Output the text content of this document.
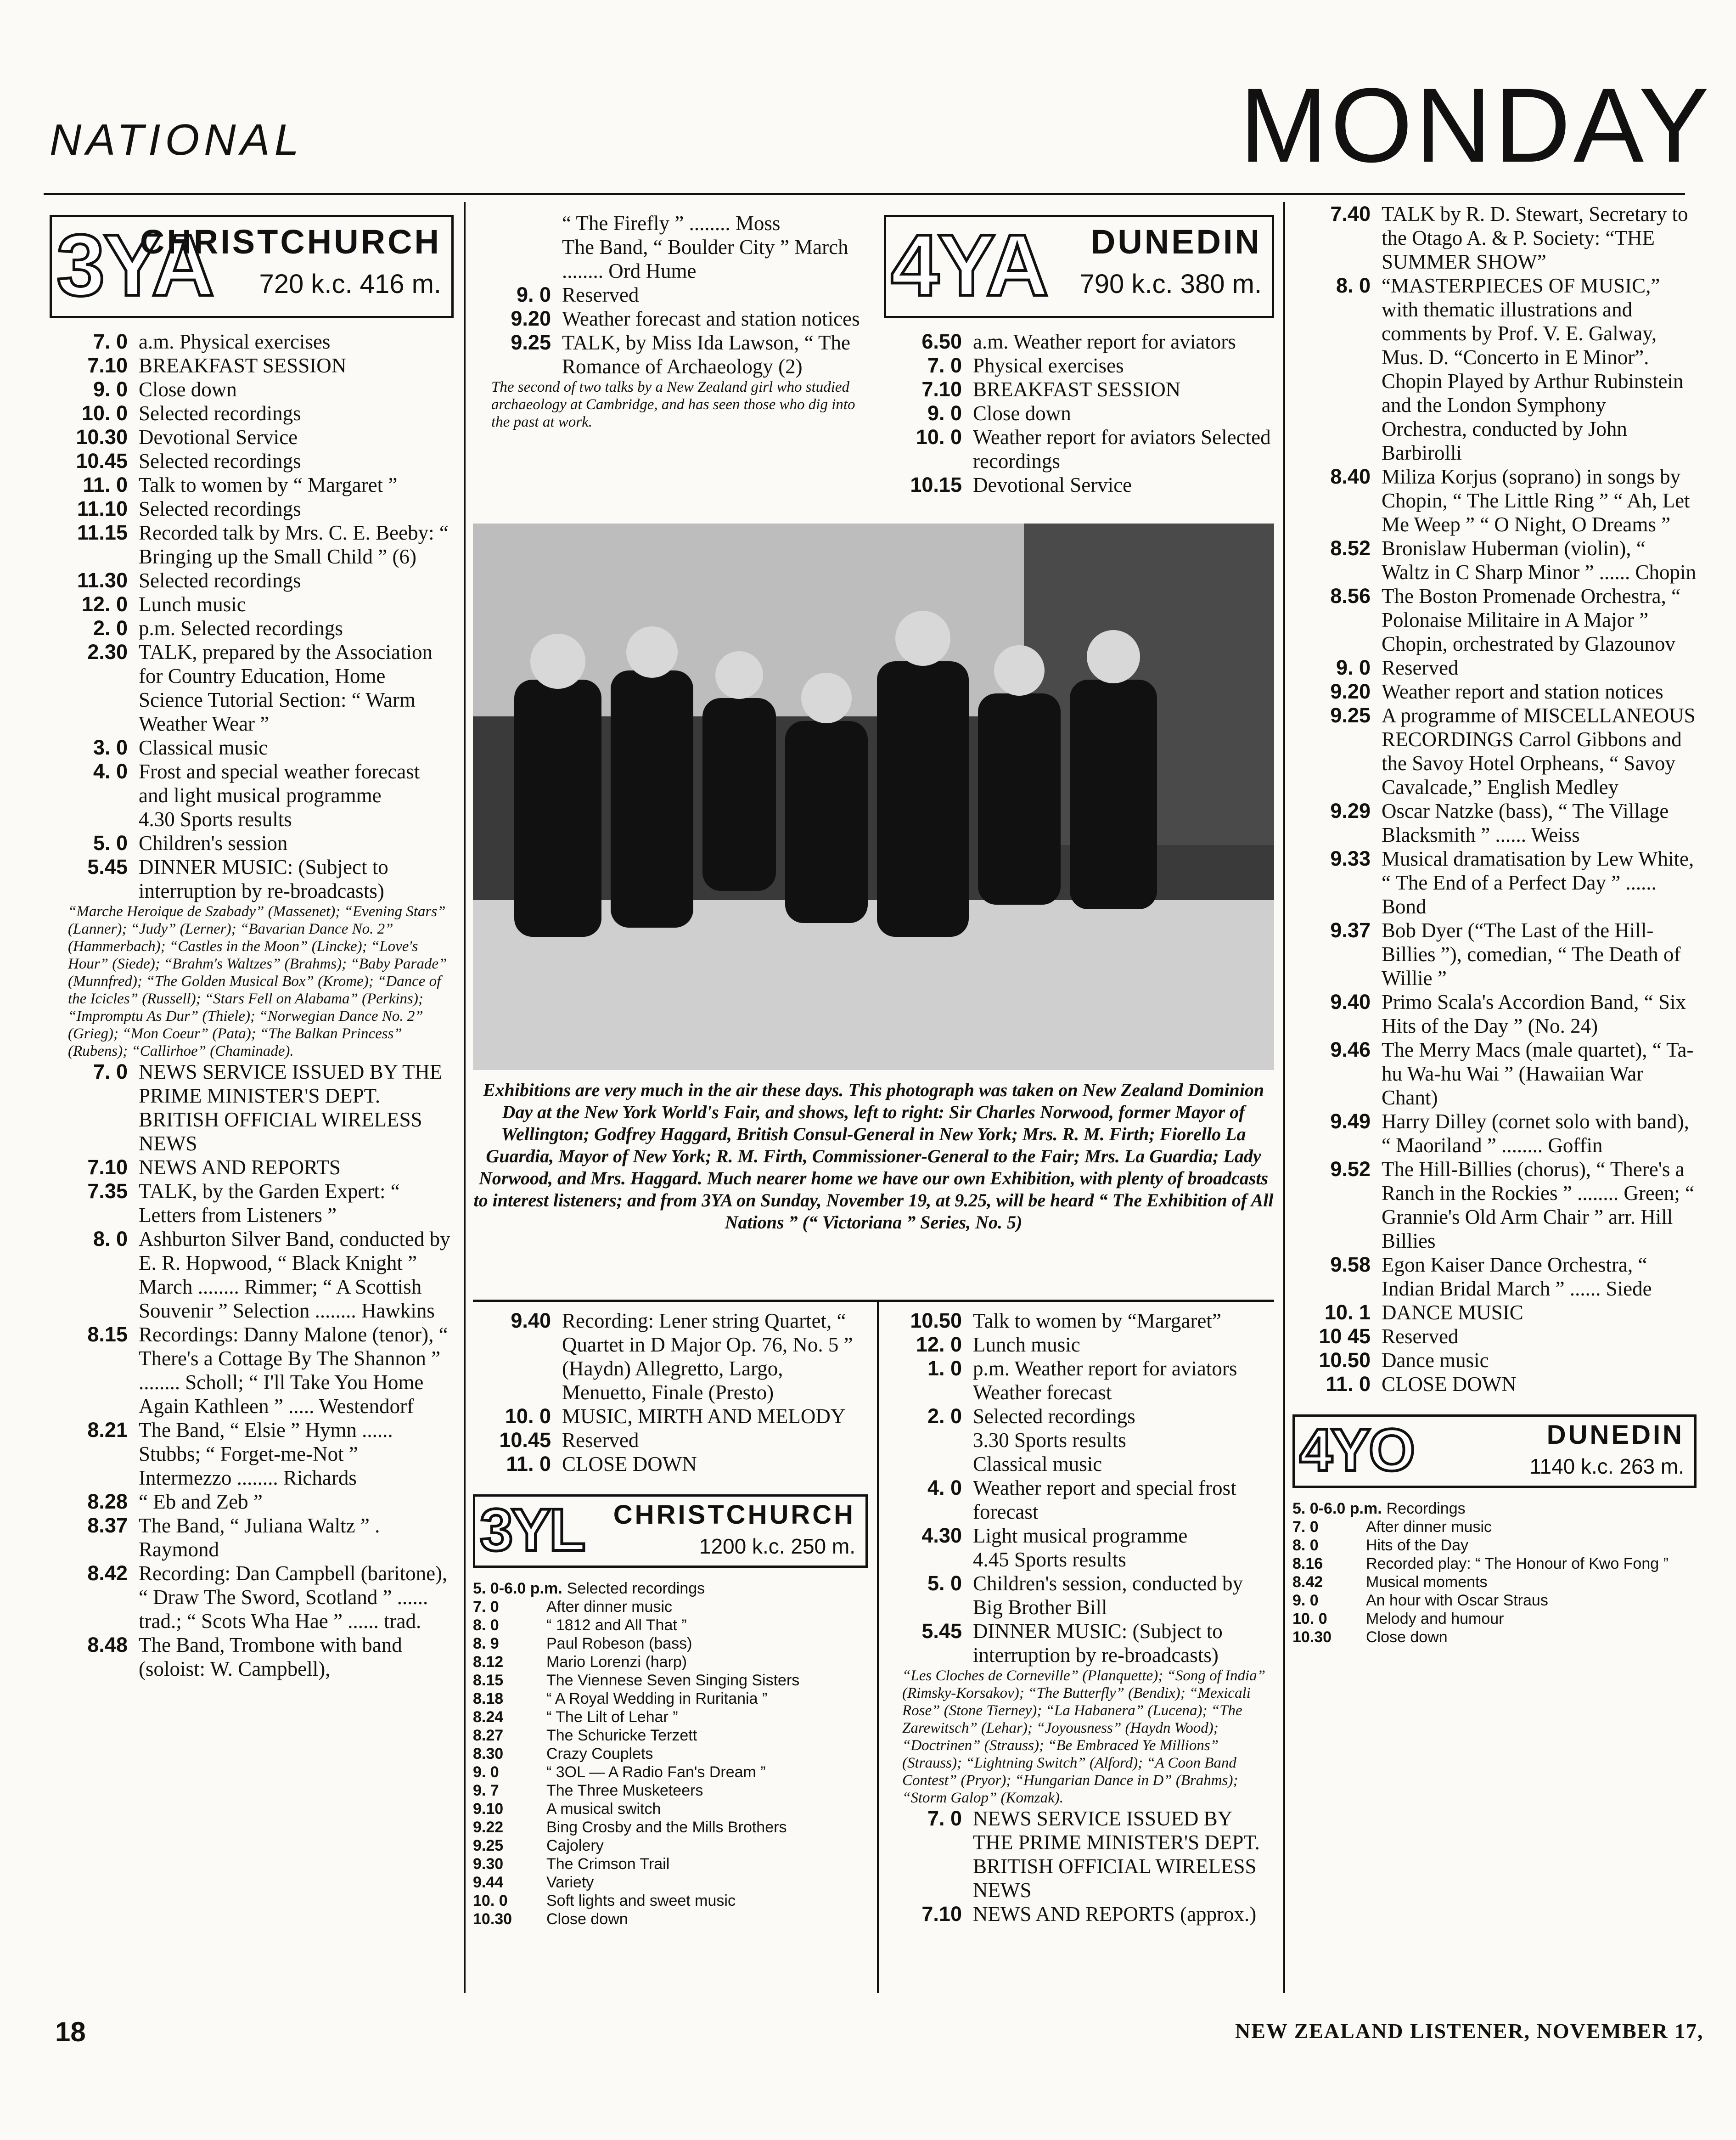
NATIONAL	MONDAY
3YA
CHRISTCHURCH
720 k.c. 416 m.
7. 0 a.m. Physical exercises
7.10 BREAKFAST SESSION
9. 0 Close down
10. 0 Selected recordings
10.30 Devotional Service
10.45 Selected recordings
11. 0 Talk to women by “ Margaret ”
11.10 Selected recordings
11.15 Recorded talk by Mrs. C. E. Beeby: “ Bringing up the Small Child ” (6)
11.30 Selected recordings
12. 0 Lunch music
2. 0 p.m. Selected recordings
2.30 TALK, prepared by the Association for Country Education, Home Science Tutorial Section: “ Warm Weather Wear ”
3. 0 Classical music
4. 0 Frost and special weather forecast and light musical programme
4.30 Sports results
5. 0 Children's session
5.45 DINNER MUSIC: (Subject to interruption by re-broadcasts)

“Marche Heroique de Szabady” (Massenet); “Evening Stars” (Lanner); “Judy” (Lerner); “Bavarian Dance No. 2” (Hammerbach); “Castles in the Moon” (Lincke); “Love's Hour” (Siede); “Brahm's Waltzes” (Brahms); “Baby Parade” (Munnfred); “The Golden Musical Box” (Krome); “Dance of the Icicles” (Russell); “Stars Fell on Alabama” (Perkins); “Impromptu As Dur” (Thiele); “Norwegian Dance No. 2” (Grieg); “Mon Coeur” (Pata); “The Balkan Princess” (Rubens); “Callirhoe” (Chaminade).

7. 0 NEWS SERVICE ISSUED BY THE PRIME MINISTER'S DEPT. BRITISH OFFICIAL WIRELESS NEWS
7.10 NEWS AND REPORTS
7.35 TALK, by the Garden Expert: “ Letters from Listeners ”
8. 0 Ashburton Silver Band, conducted by E. R. Hopwood, “ Black Knight ” March ........ Rimmer; “ A Scottish Souvenir ” Selection ........ Hawkins
8.15 Recordings: Danny Malone (tenor), “ There's a Cottage By The Shannon ” ........ Scholl; “ I'll Take You Home Again Kathleen ” ..... Westendorf
8.21 The Band, “ Elsie ” Hymn ...... Stubbs; “ Forget-me-Not ” Intermezzo ........ Richards
8.28 “ Eb and Zeb ”
8.37 The Band, “ Juliana Waltz ” . Raymond
8.42 Recording: Dan Campbell (baritone), “ Draw The Sword, Scotland ” ...... trad.; “ Scots Wha Hae ” ...... trad.
8.48 The Band, Trombone with band (soloist: W. Campbell),
“ The Firefly ” ........ Moss
The Band, “ Boulder City ” March ........ Ord Hume
9. 0 Reserved
9.20 Weather forecast and station notices
9.25 TALK, by Miss Ida Lawson, “ The Romance of Archaeology (2)

The second of two talks by a New Zealand girl who studied archaeology at Cambridge, and has seen those who dig into the past at work.

4YA DUNEDIN
790 k.c. 380 m.
6.50 a.m. Weather report for aviators
7. 0 Physical exercises
7.10 BREAKFAST SESSION
9. 0 Close down
10. 0 Weather report for aviators Selected recordings
10.15 Devotional Service
Exhibitions are very much in the air these days. This photograph was taken on New Zealand Dominion Day at the New York World's Fair, and shows, left to right: Sir Charles Norwood, former Mayor of Wellington; Godfrey Haggard, British Consul-General in New York; Mrs. R. M. Firth; Fiorello La Guardia, Mayor of New York; R. M. Firth, Commissioner-General to the Fair; Mrs. La Guardia; Lady Norwood, and Mrs. Haggard. Much nearer home we have our own Exhibition, with plenty of broadcasts to interest listeners; and from 3YA on Sunday, November 19, at 9.25, will be heard “ The Exhibition of All Nations ” (“ Victoriana ” Series, No. 5)
9.40 Recording: Lener string Quartet, “ Quartet in D Major Op. 76, No. 5 ” (Haydn) Allegretto, Largo, Menuetto, Finale (Presto)
10. 0 MUSIC, MIRTH AND MELODY
10.45 Reserved
11. 0 CLOSE DOWN
3YL CHRISTCHURCH
1200 k.c. 250 m.
5. 0-6.0 p.m. Selected recordings
7. 0	After dinner music
8. 0	“ 1812 and All That ”
8. 9	Paul Robeson (bass)
8.12	Mario Lorenzi (harp)
8.15	The Viennese Seven Singing Sisters
8.18	“ A Royal Wedding in Ruritania ”
8.24	“ The Lilt of Lehar ”
8.27	The Schuricke Terzett
8.30	Crazy Couplets
9. 0	“ 3OL — A Radio Fan's Dream ”
9. 7	The Three Musketeers
9.10	A musical switch
9.22	Bing Crosby and the Mills Brothers
9.25	Cajolery
9.30	The Crimson Trail
9.44	Variety
10. 0	Soft lights and sweet music
10.30	Close down
10.50 Talk to women by “Margaret”
12. 0 Lunch music
1. 0 p.m. Weather report for aviators Weather forecast
2. 0 Selected recordings
3.30 Sports results
Classical music
4. 0 Weather report and special frost forecast
4.30 Light musical programme
4.45 Sports results
5. 0 Children's session, conducted by Big Brother Bill
5.45 DINNER MUSIC: (Subject to interruption by re-broadcasts)

“Les Cloches de Corneville” (Planquette); “Song of India” (Rimsky-Korsakov); “The Butterfly” (Bendix); “Mexicali Rose” (Stone Tierney); “La Habanera” (Lucena); “The Zarewitsch” (Lehar); “Joyousness” (Haydn Wood); “Doctrinen” (Strauss); “Be Embraced Ye Millions” (Strauss); “Lightning Switch” (Alford); “A Coon Band Contest” (Pryor); “Hungarian Dance in D” (Brahms); “Storm Galop” (Komzak).

7. 0 NEWS SERVICE ISSUED BY THE PRIME MINISTER'S DEPT. BRITISH OFFICIAL WIRELESS NEWS
7.10 NEWS AND REPORTS (approx.)
7.40 TALK by R. D. Stewart, Secretary to the Otago A. & P. Society: “THE SUMMER SHOW”
8. 0 “MASTERPIECES OF MUSIC,” with thematic illustrations and comments by Prof. V. E. Galway, Mus. D. “Concerto in E Minor”. Chopin Played by Arthur Rubinstein and the London Symphony Orchestra, conducted by John Barbirolli
8.40 Miliza Korjus (soprano) in songs by Chopin, “ The Little Ring ” “ Ah, Let Me Weep ” “ O Night, O Dreams ”
8.52 Bronislaw Huberman (violin), “ Waltz in C Sharp Minor ” ...... Chopin
8.56 The Boston Promenade Orchestra, “ Polonaise Militaire in A Major ” Chopin, orchestrated by Glazounov
9. 0 Reserved
9.20 Weather report and station notices
9.25 A programme of MISCELLANEOUS RECORDINGS Carrol Gibbons and the Savoy Hotel Orpheans, “ Savoy Cavalcade,” English Medley
9.29 Oscar Natzke (bass), “ The Village Blacksmith ” ...... Weiss
9.33 Musical dramatisation by Lew White, “ The End of a Perfect Day ” ...... Bond
9.37 Bob Dyer (“The Last of the Hill-Billies ”), comedian, “ The Death of Willie ”
9.40 Primo Scala's Accordion Band, “ Six Hits of the Day ” (No. 24)
9.46 The Merry Macs (male quartet), “ Ta-hu Wa-hu Wai ” (Hawaiian War Chant)
9.49 Harry Dilley (cornet solo with band), “ Maoriland ” ........ Goffin
9.52 The Hill-Billies (chorus), “ There's a Ranch in the Rockies ” ........ Green; “ Grannie's Old Arm Chair ” arr. Hill Billies
9.58 Egon Kaiser Dance Orchestra, “ Indian Bridal March ” ...... Siede
10. 1 DANCE MUSIC
10 45 Reserved
10.50 Dance music
11. 0 CLOSE DOWN
4YO	DUNEDIN
1140 k.c. 263 m.
5. 0-6.0 p.m. Recordings
7. 0	After dinner music
8. 0	Hits of the Day
8.16	Recorded play: “ The Honour of Kwo Fong ”
8.42	Musical moments
9. 0	An hour with Oscar Straus
10. 0	Melody and humour
10.30	Close down
18	NEW ZEALAND LISTENER, NOVEMBER 17,
